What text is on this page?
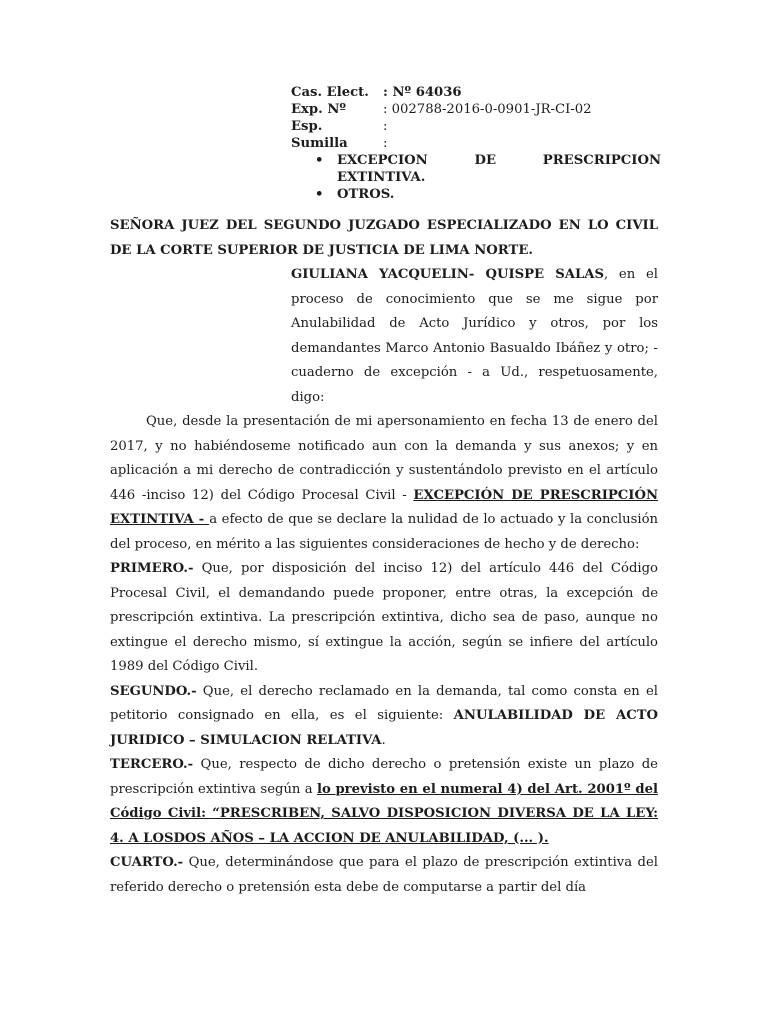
Cas. Elect.	: Nº 64036
Exp. Nº	: 002788-2016-0-0901-JR-CI-02
Esp.	:
Sumilla	:
• EXCEPCION	DE	PRESCRIPCION
EXTINTIVA.
• OTROS.

SEÑORA JUEZ DEL SEGUNDO JUZGADO ESPECIALIZADO EN LO CIVIL DE LA CORTE SUPERIOR DE JUSTICIA DE LIMA NORTE.

GIULIANA YACQUELIN- QUISPE SALAS, en el proceso de conocimiento que se me sigue por Anulabilidad de Acto Jurídico y otros, por los demandantes Marco Antonio Basualdo Ibáñez y otro; - cuaderno de excepción - a Ud., respetuosamente, digo:

Que, desde la presentación de mi apersonamiento en fecha 13 de enero del 2017, y no habiéndoseme notificado aun con la demanda y sus anexos; y en aplicación a mi derecho de contradicción y sustentándolo previsto en el artículo 446 -inciso 12) del Código Procesal Civil - EXCEPCIÓN DE PRESCRIPCIÓN EXTINTIVA - a efecto de que se declare la nulidad de lo actuado y la conclusión del proceso, en mérito a las siguientes consideraciones de hecho y de derecho:

PRIMERO.- Que, por disposición del inciso 12) del artículo 446 del Código Procesal Civil, el demandando puede proponer, entre otras, la excepción de prescripción extintiva. La prescripción extintiva, dicho sea de paso, aunque no extingue el derecho mismo, sí extingue la acción, según se infiere del artículo 1989 del Código Civil.

SEGUNDO.- Que, el derecho reclamado en la demanda, tal como consta en el petitorio consignado en ella, es el siguiente: ANULABILIDAD DE ACTO JURIDICO – SIMULACION RELATIVA.

TERCERO.- Que, respecto de dicho derecho o pretensión existe un plazo de prescripción extintiva según a lo previsto en el numeral 4) del Art. 2001º del Código Civil: “PRESCRIBEN, SALVO DISPOSICION DIVERSA DE LA LEY: 4. A LOSDOS AÑOS – LA ACCION DE ANULABILIDAD, (... ).

CUARTO.- Que, determinándose que para el plazo de prescripción extintiva del referido derecho o pretensión esta debe de computarse a partir del día
